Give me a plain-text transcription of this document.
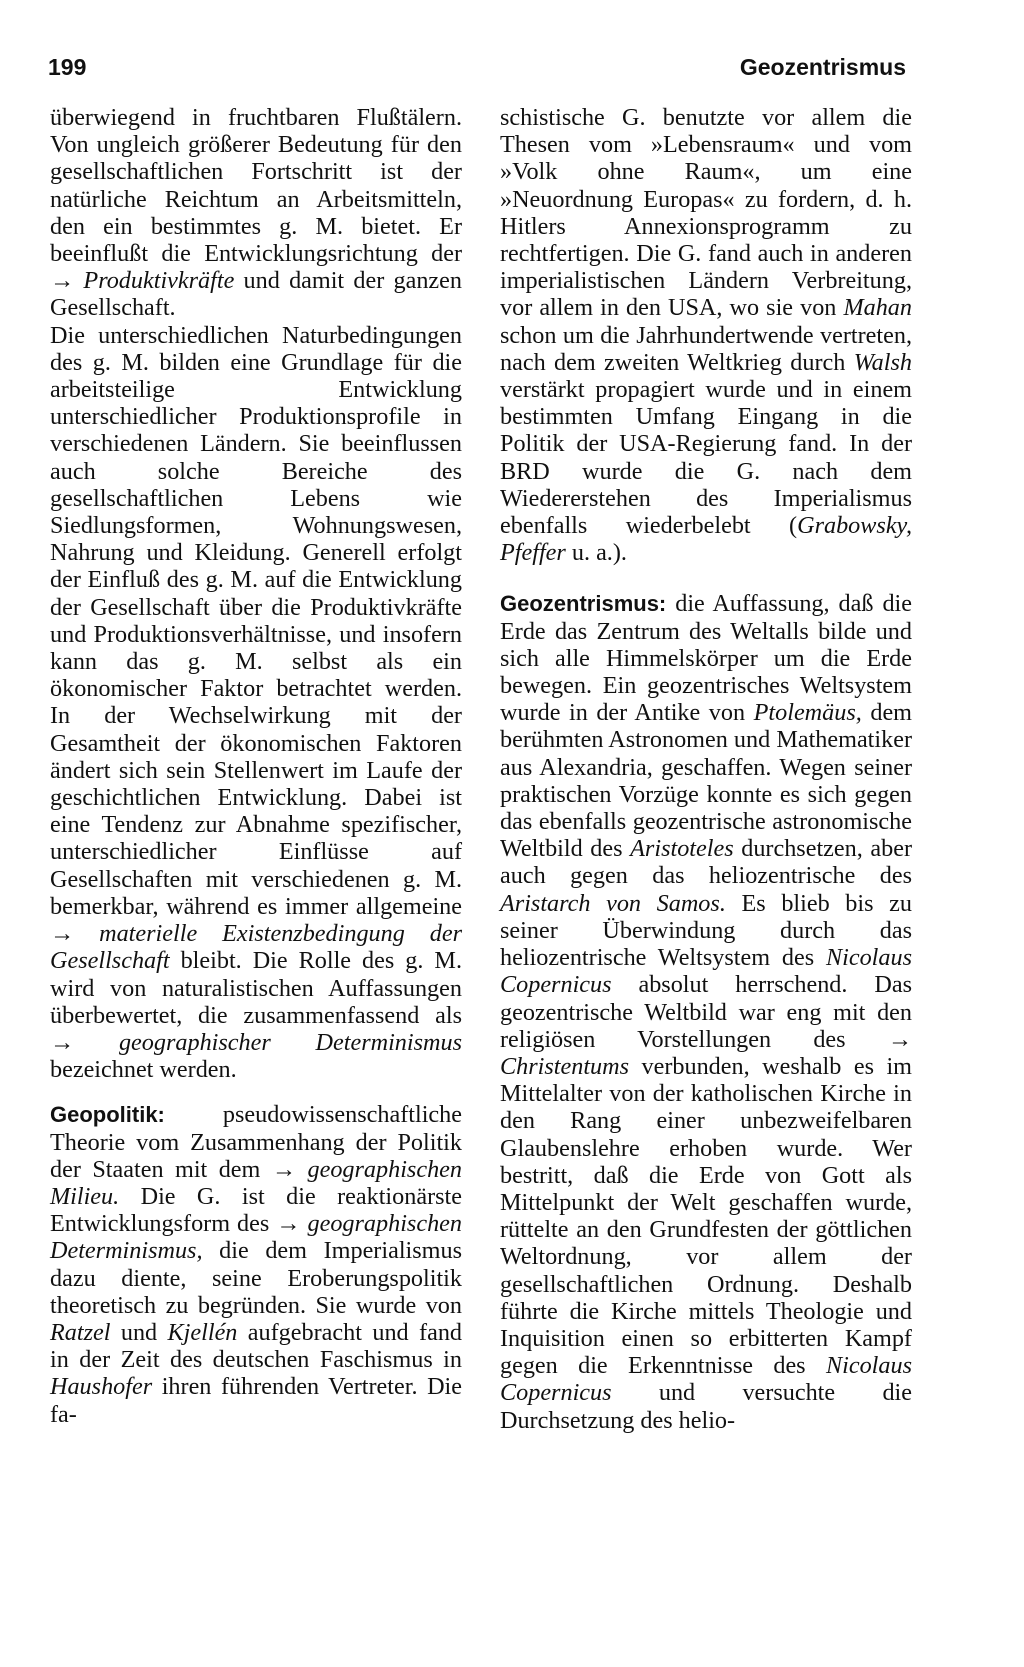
199	Geozentrismus

überwiegend in fruchtbaren Flußtälern. Von ungleich größerer Bedeutung für den gesellschaftlichen Fortschritt ist der natürliche Reichtum an Arbeitsmitteln, den ein bestimmtes g. M. bietet. Er beeinflußt die Entwicklungsrichtung der → Produktivkräfte und damit der ganzen Gesellschaft.

Die unterschiedlichen Naturbedingungen des g. M. bilden eine Grundlage für die arbeitsteilige Entwicklung unterschiedlicher Produktionsprofile in verschiedenen Ländern. Sie beeinflussen auch solche Bereiche des gesellschaftlichen Lebens wie Siedlungsformen, Wohnungswesen, Nahrung und Kleidung. Generell erfolgt der Einfluß des g. M. auf die Entwicklung der Gesellschaft über die Produktivkräfte und Produktionsverhältnisse, und insofern kann das g. M. selbst als ein ökonomischer Faktor betrachtet werden. In der Wechselwirkung mit der Gesamtheit der ökonomischen Faktoren ändert sich sein Stellenwert im Laufe der geschichtlichen Entwicklung. Dabei ist eine Tendenz zur Abnahme spezifischer, unterschiedlicher Einflüsse auf Gesellschaften mit verschiedenen g. M. bemerkbar, während es immer allgemeine → materielle Existenzbedingung der Gesellschaft bleibt. Die Rolle des g. M. wird von naturalistischen Auffassungen überbewertet, die zusammenfassend als → geographischer Determinismus bezeichnet werden.

Geopolitik: pseudowissenschaftliche Theorie vom Zusammenhang der Politik der Staaten mit dem → geographischen Milieu. Die G. ist die reaktionärste Entwicklungsform des → geographischen Determinismus, die dem Imperialismus dazu diente, seine Eroberungspolitik theoretisch zu begründen. Sie wurde von Ratzel und Kjellén aufgebracht und fand in der Zeit des deutschen Faschismus in Haushofer ihren führenden Vertreter. Die fa-

schistische G. benutzte vor allem die Thesen vom »Lebensraum« und vom »Volk ohne Raum«, um eine »Neuordnung Europas« zu fordern, d. h. Hitlers Annexionsprogramm zu rechtfertigen. Die G. fand auch in anderen imperialistischen Ländern Verbreitung, vor allem in den USA, wo sie von Mahan schon um die Jahrhundertwende vertreten, nach dem zweiten Weltkrieg durch Walsh verstärkt propagiert wurde und in einem bestimmten Umfang Eingang in die Politik der USA-Regierung fand. In der BRD wurde die G. nach dem Wiedererstehen des Imperialismus ebenfalls wiederbelebt (Grabowsky, Pfeffer u. a.).

Geozentrismus: die Auffassung, daß die Erde das Zentrum des Weltalls bilde und sich alle Himmelskörper um die Erde bewegen. Ein geozentrisches Weltsystem wurde in der Antike von Ptolemäus, dem berühmten Astronomen und Mathematiker aus Alexandria, geschaffen. Wegen seiner praktischen Vorzüge konnte es sich gegen das ebenfalls geozentrische astronomische Weltbild des Aristoteles durchsetzen, aber auch gegen das heliozentrische des Aristarch von Samos. Es blieb bis zu seiner Überwindung durch das heliozentrische Weltsystem des Nicolaus Copernicus absolut herrschend. Das geozentrische Weltbild war eng mit den religiösen Vorstellungen des → Christentums verbunden, weshalb es im Mittelalter von der katholischen Kirche in den Rang einer unbezweifelbaren Glaubenslehre erhoben wurde. Wer bestritt, daß die Erde von Gott als Mittelpunkt der Welt geschaffen wurde, rüttelte an den Grundfesten der göttlichen Weltordnung, vor allem der gesellschaftlichen Ordnung. Deshalb führte die Kirche mittels Theologie und Inquisition einen so erbitterten Kampf gegen die Erkenntnisse des Nicolaus Copernicus und versuchte die Durchsetzung des helio-
